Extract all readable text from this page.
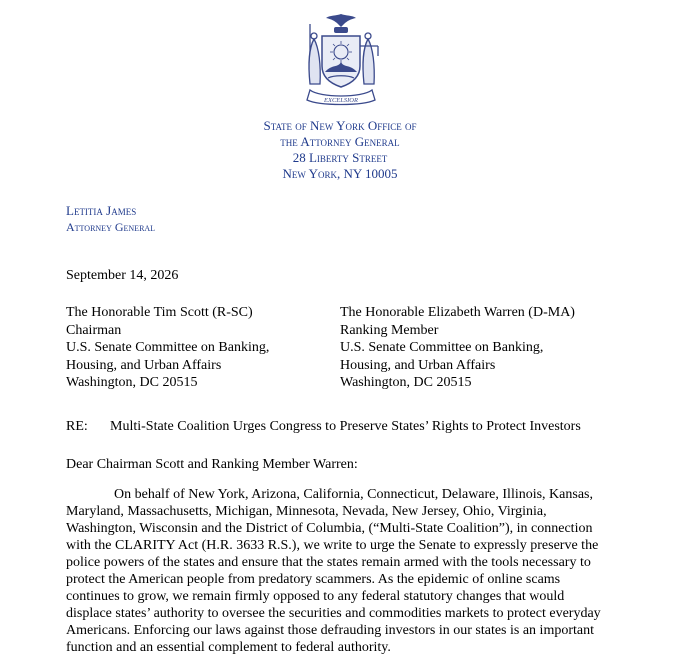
EXCELSIOR
State of New York Office of
the Attorney General
28 Liberty Street
New York, NY 10005
Letitia James
Attorney General
September 14, 2026
The Honorable Tim Scott (R-SC)
Chairman
U.S. Senate Committee on Banking,
Housing, and Urban Affairs
Washington, DC 20515
The Honorable Elizabeth Warren (D-MA)
Ranking Member
U.S. Senate Committee on Banking,
Housing, and Urban Affairs
Washington, DC 20515
RE: Multi-State Coalition Urges Congress to Preserve States’ Rights to Protect Investors
Dear Chairman Scott and Ranking Member Warren:
On behalf of New York, Arizona, California, Connecticut, Delaware, Illinois, Kansas,
Maryland, Massachusetts, Michigan, Minnesota, Nevada, New Jersey, Ohio, Virginia,
Washington, Wisconsin and the District of Columbia, (“Multi-State Coalition”), in connection
with the CLARITY Act (H.R. 3633 R.S.), we write to urge the Senate to expressly preserve the
police powers of the states and ensure that the states remain armed with the tools necessary to
protect the American people from predatory scammers. As the epidemic of online scams
continues to grow, we remain firmly opposed to any federal statutory changes that would
displace states’ authority to oversee the securities and commodities markets to protect everyday
Americans. Enforcing our laws against those defrauding investors in our states is an important
function and an essential complement to federal authority.
